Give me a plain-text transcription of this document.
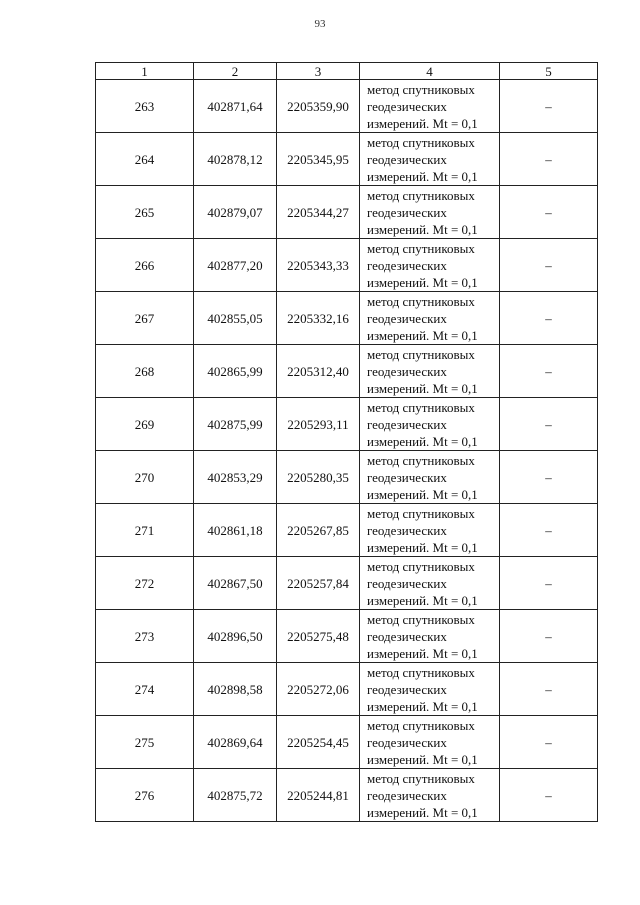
93
1	2	3	4	5
263	402871,64	2205359,90	метод спутниковых геодезических измерений. Mt = 0,1	–
264	402878,12	2205345,95	метод спутниковых геодезических измерений. Mt = 0,1	–
265	402879,07	2205344,27	метод спутниковых геодезических измерений. Mt = 0,1	–
266	402877,20	2205343,33	метод спутниковых геодезических измерений. Mt = 0,1	–
267	402855,05	2205332,16	метод спутниковых геодезических измерений. Mt = 0,1	–
268	402865,99	2205312,40	метод спутниковых геодезических измерений. Mt = 0,1	–
269	402875,99	2205293,11	метод спутниковых геодезических измерений. Mt = 0,1	–
270	402853,29	2205280,35	метод спутниковых геодезических измерений. Mt = 0,1	–
271	402861,18	2205267,85	метод спутниковых геодезических измерений. Mt = 0,1	–
272	402867,50	2205257,84	метод спутниковых геодезических измерений. Mt = 0,1	–
273	402896,50	2205275,48	метод спутниковых геодезических измерений. Mt = 0,1	–
274	402898,58	2205272,06	метод спутниковых геодезических измерений. Mt = 0,1	–
275	402869,64	2205254,45	метод спутниковых геодезических измерений. Mt = 0,1	–
276	402875,72	2205244,81	метод спутниковых геодезических измерений. Mt = 0,1	–
